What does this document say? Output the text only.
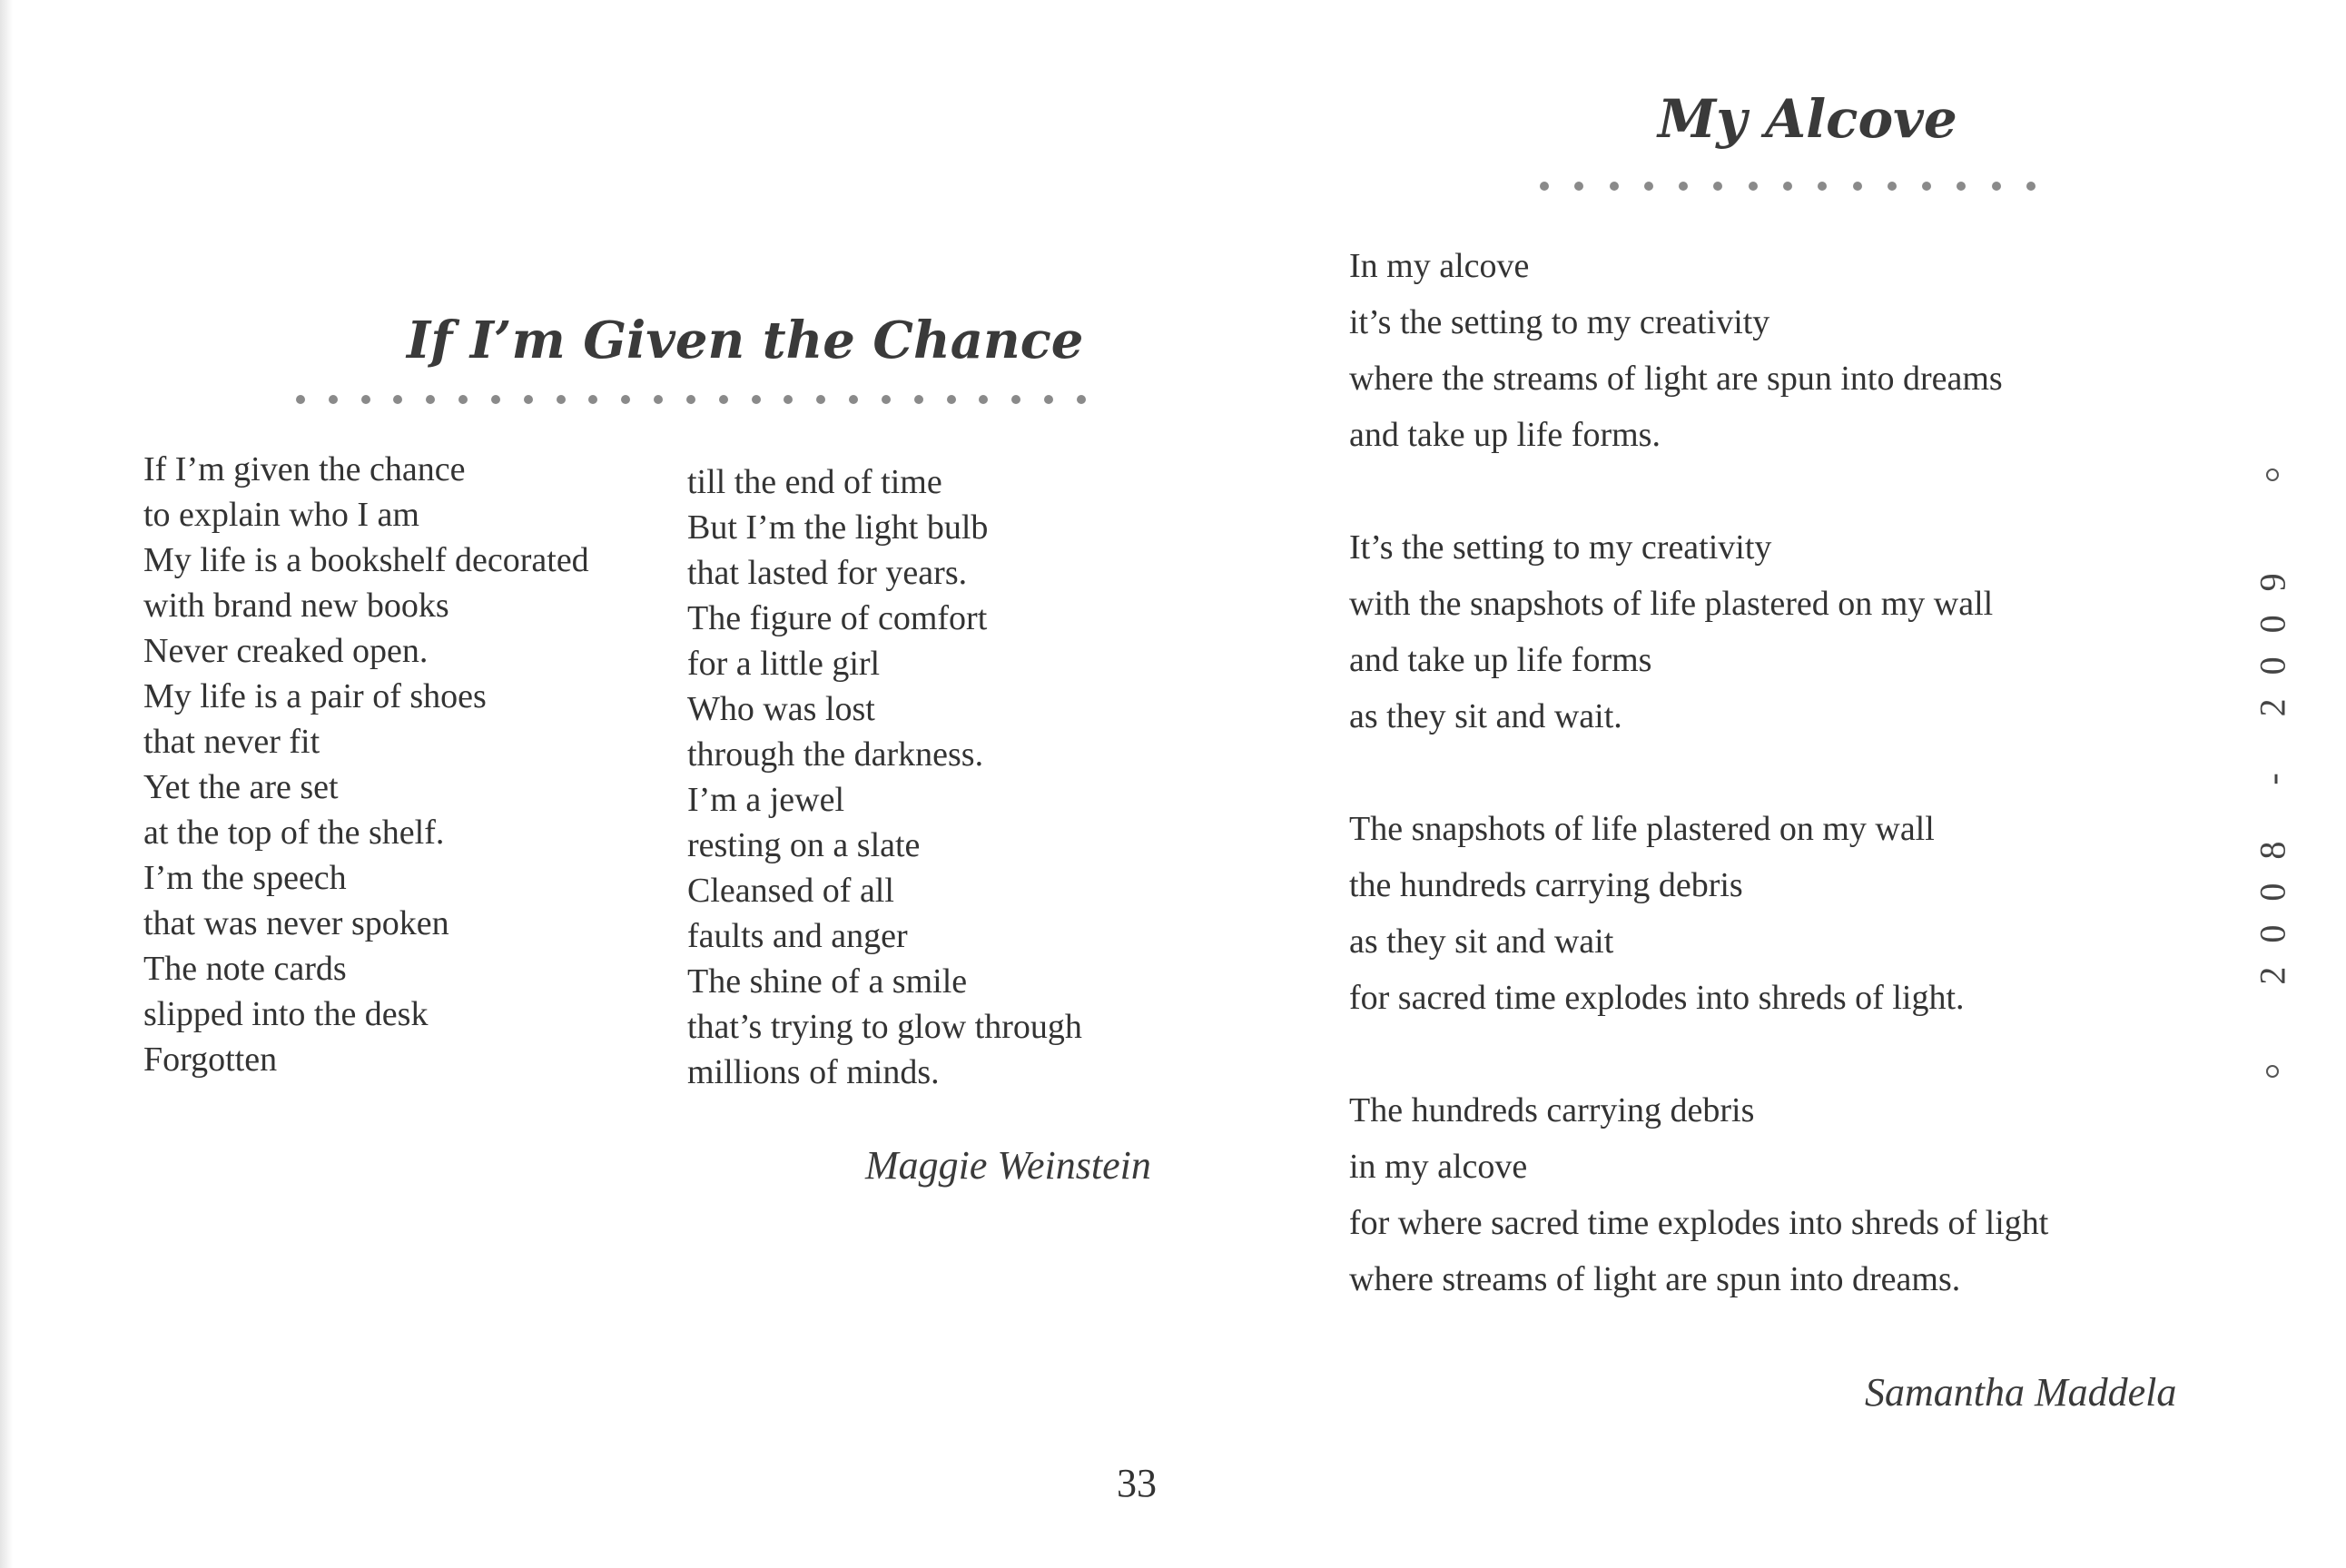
If I’m Given the Chance
If I’m given the chance
to explain who I am
My life is a bookshelf decorated
with brand new books
Never creaked open.
My life is a pair of shoes
that never fit
Yet the are set
at the top of the shelf.
I’m the speech
that was never spoken
The note cards
slipped into the desk
Forgotten
till the end of time
But I’m the light bulb
that lasted for years.
The figure of comfort
for a little girl
Who was lost
through the darkness.
I’m a jewel
resting on a slate
Cleansed of all
faults and anger
The shine of a smile
that’s trying to glow through
millions of minds.
Maggie Weinstein
33
My Alcove
In my alcove
it’s the setting to my creativity
where the streams of light are spun into dreams
and take up life forms.
It’s the setting to my creativity
with the snapshots of life plastered on my wall
and take up life forms
as they sit and wait.
The snapshots of life plastered on my wall
the hundreds carrying debris
as they sit and wait
for sacred time explodes into shreds of light.
The hundreds carrying debris
in my alcove
for where sacred time explodes into shreds of light
where streams of light are spun into dreams.
Samantha Maddela
2008 - 2009
